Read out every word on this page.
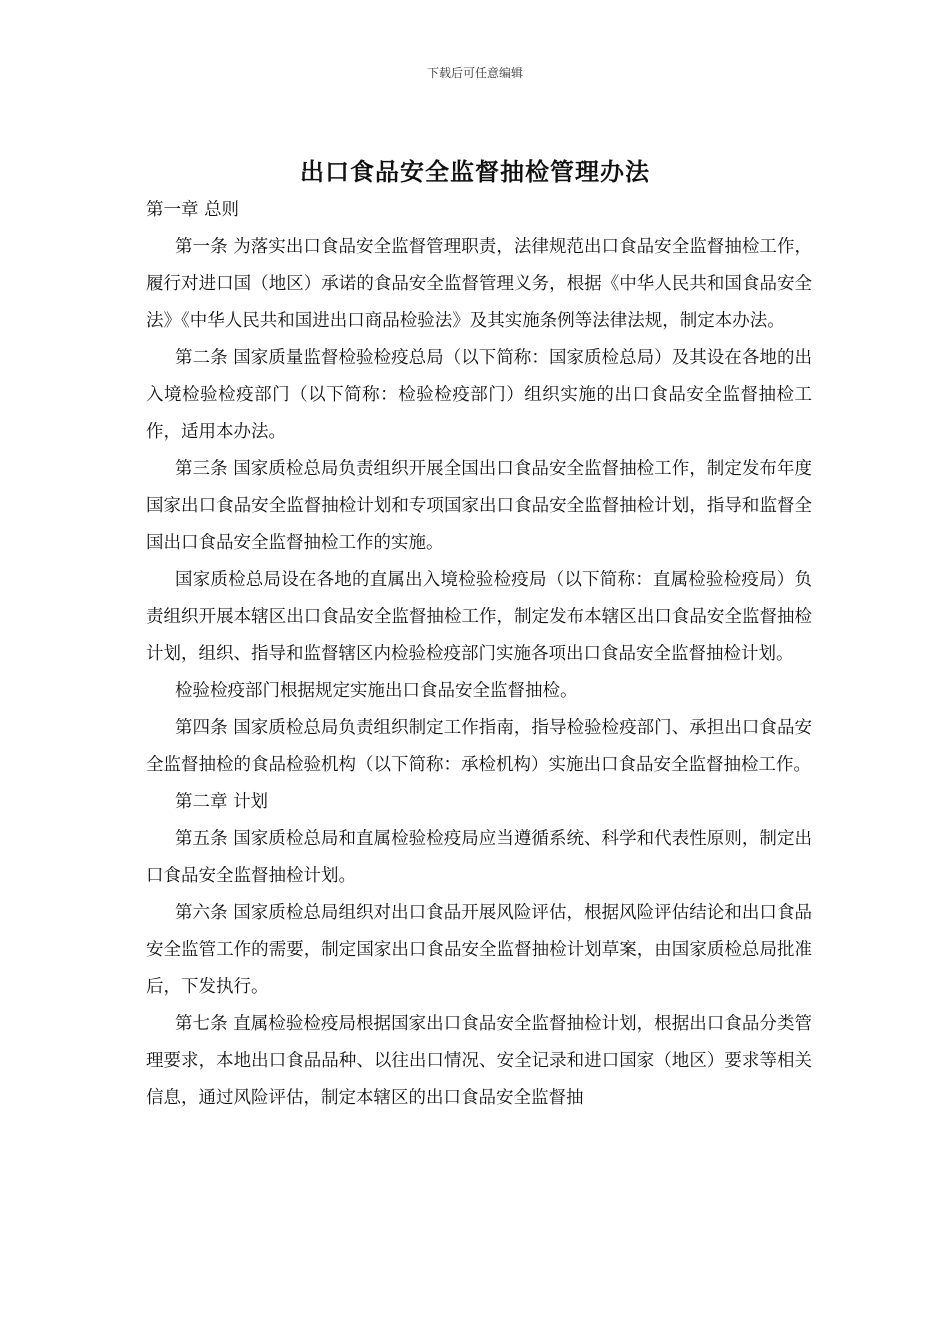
下载后可任意编辑
出口食品安全监督抽检管理办法

第一章 总则

第一条 为落实出口食品安全监督管理职责，法律规范出口食品安全监督抽检工作，履行对进口国（地区）承诺的食品安全监督管理义务，根据《中华人民共和国食品安全法》《中华人民共和国进出口商品检验法》及其实施条例等法律法规，制定本办法。

第二条 国家质量监督检验检疫总局（以下简称：国家质检总局）及其设在各地的出入境检验检疫部门（以下简称：检验检疫部门）组织实施的出口食品安全监督抽检工作，适用本办法。

第三条 国家质检总局负责组织开展全国出口食品安全监督抽检工作，制定发布年度国家出口食品安全监督抽检计划和专项国家出口食品安全监督抽检计划，指导和监督全国出口食品安全监督抽检工作的实施。

国家质检总局设在各地的直属出入境检验检疫局（以下简称：直属检验检疫局）负责组织开展本辖区出口食品安全监督抽检工作，制定发布本辖区出口食品安全监督抽检计划，组织、指导和监督辖区内检验检疫部门实施各项出口食品安全监督抽检计划。

检验检疫部门根据规定实施出口食品安全监督抽检。

第四条 国家质检总局负责组织制定工作指南，指导检验检疫部门、承担出口食品安全监督抽检的食品检验机构（以下简称：承检机构）实施出口食品安全监督抽检工作。

第二章 计划

第五条 国家质检总局和直属检验检疫局应当遵循系统、科学和代表性原则，制定出口食品安全监督抽检计划。

第六条 国家质检总局组织对出口食品开展风险评估，根据风险评估结论和出口食品安全监管工作的需要，制定国家出口食品安全监督抽检计划草案，由国家质检总局批准后，下发执行。

第七条 直属检验检疫局根据国家出口食品安全监督抽检计划，根据出口食品分类管理要求，本地出口食品品种、以往出口情况、安全记录和进口国家（地区）要求等相关信息，通过风险评估，制定本辖区的出口食品安全监督抽
